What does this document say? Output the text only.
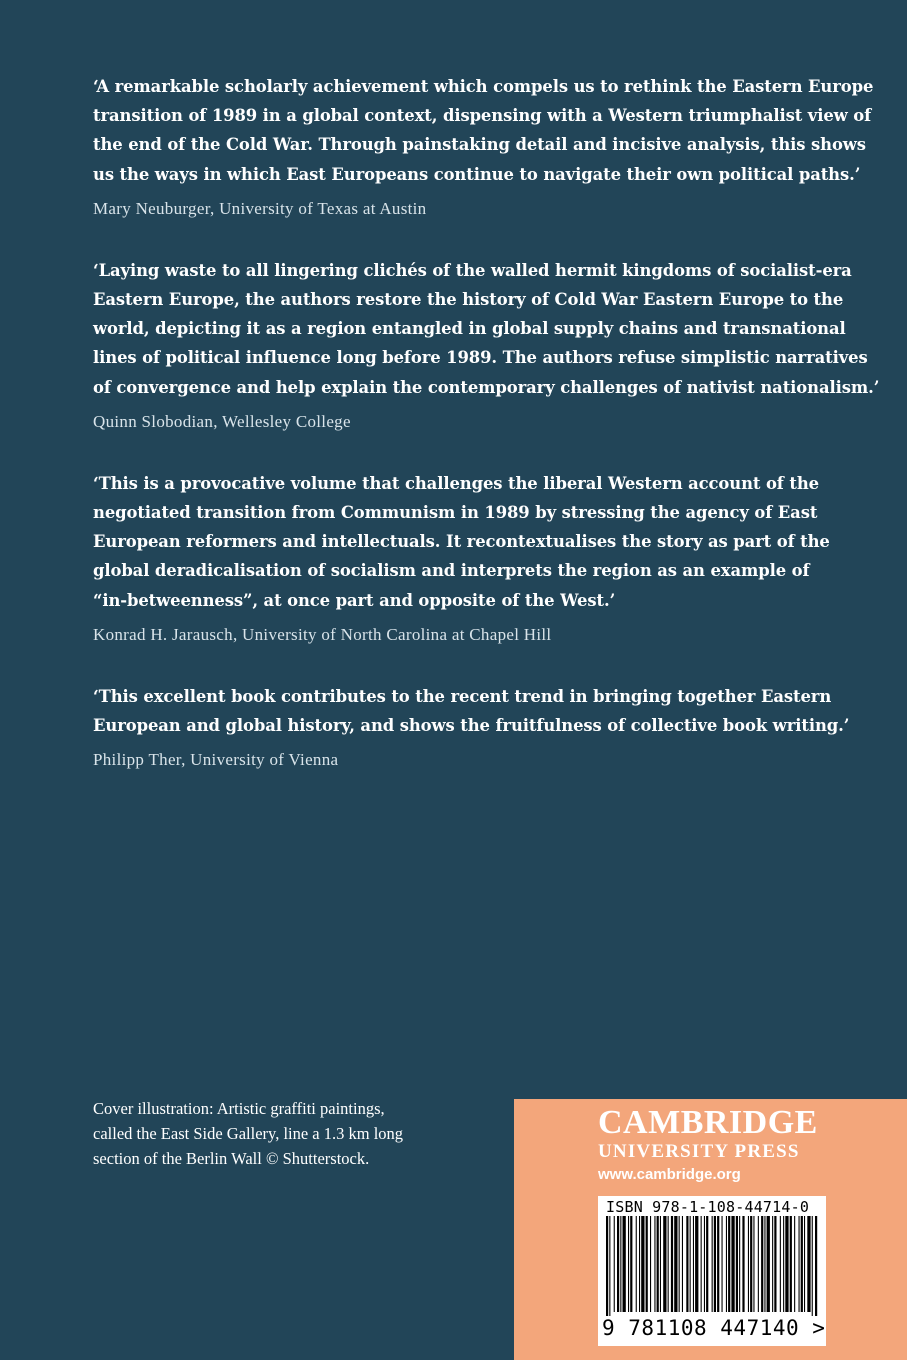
‘A remarkable scholarly achievement which compels us to rethink the Eastern Europe
transition of 1989 in a global context, dispensing with a Western triumphalist view of
the end of the Cold War. Through painstaking detail and incisive analysis, this shows
us the ways in which East Europeans continue to navigate their own political paths.’

Mary Neuburger, University of Texas at Austin

‘Laying waste to all lingering clichés of the walled hermit kingdoms of socialist-era
Eastern Europe, the authors restore the history of Cold War Eastern Europe to the
world, depicting it as a region entangled in global supply chains and transnational
lines of political influence long before 1989. The authors refuse simplistic narratives
of convergence and help explain the contemporary challenges of nativist nationalism.’

Quinn Slobodian, Wellesley College

‘This is a provocative volume that challenges the liberal Western account of the
negotiated transition from Communism in 1989 by stressing the agency of East
European reformers and intellectuals. It recontextualises the story as part of the
global deradicalisation of socialism and interprets the region as an example of
“in-betweenness”, at once part and opposite of the West.’

Konrad H. Jarausch, University of North Carolina at Chapel Hill

‘This excellent book contributes to the recent trend in bringing together Eastern
European and global history, and shows the fruitfulness of collective book writing.’

Philipp Ther, University of Vienna
Cover illustration: Artistic graffiti paintings,
called the East Side Gallery, line a 1.3 km long
section of the Berlin Wall © Shutterstock.
CAMBRIDGE
UNIVERSITY PRESS
www.cambridge.org
ISBN 978-1-108-44714-0
9 781108 447140 >
